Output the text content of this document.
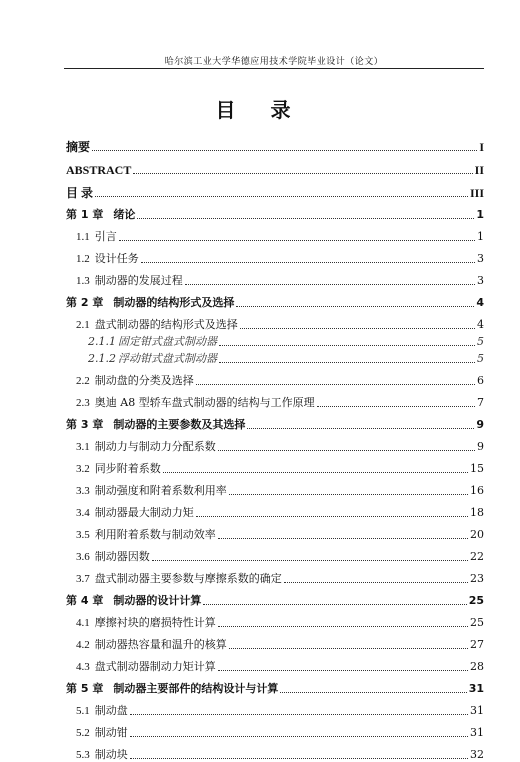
哈尔滨工业大学华德应用技术学院毕业设计（论文）
目 录
摘要	I
ABSTRACT	II
目 录	III
第 1 章 绪论	1
1.1 引言	1
1.2 设计任务	3
1.3 制动器的发展过程	3
第 2 章 制动器的结构形式及选择	4
2.1 盘式制动器的结构形式及选择	4
2.1.1 固定钳式盘式制动器	5
2.1.2 浮动钳式盘式制动器	5
2.2 制动盘的分类及选择	6
2.3 奥迪 A8 型轿车盘式制动器的结构与工作原理	7
第 3 章 制动器的主要参数及其选择	9
3.1 制动力与制动力分配系数	9
3.2 同步附着系数	15
3.3 制动强度和附着系数利用率	16
3.4 制动器最大制动力矩	18
3.5 利用附着系数与制动效率	20
3.6 制动器因数	22
3.7 盘式制动器主要参数与摩擦系数的确定	23
第 4 章 制动器的设计计算	25
4.1 摩擦衬块的磨损特性计算	25
4.2 制动器热容量和温升的核算	27
4.3 盘式制动器制动力矩计算	28
第 5 章 制动器主要部件的结构设计与计算	31
5.1 制动盘	31
5.2 制动钳	31
5.3 制动块	32
